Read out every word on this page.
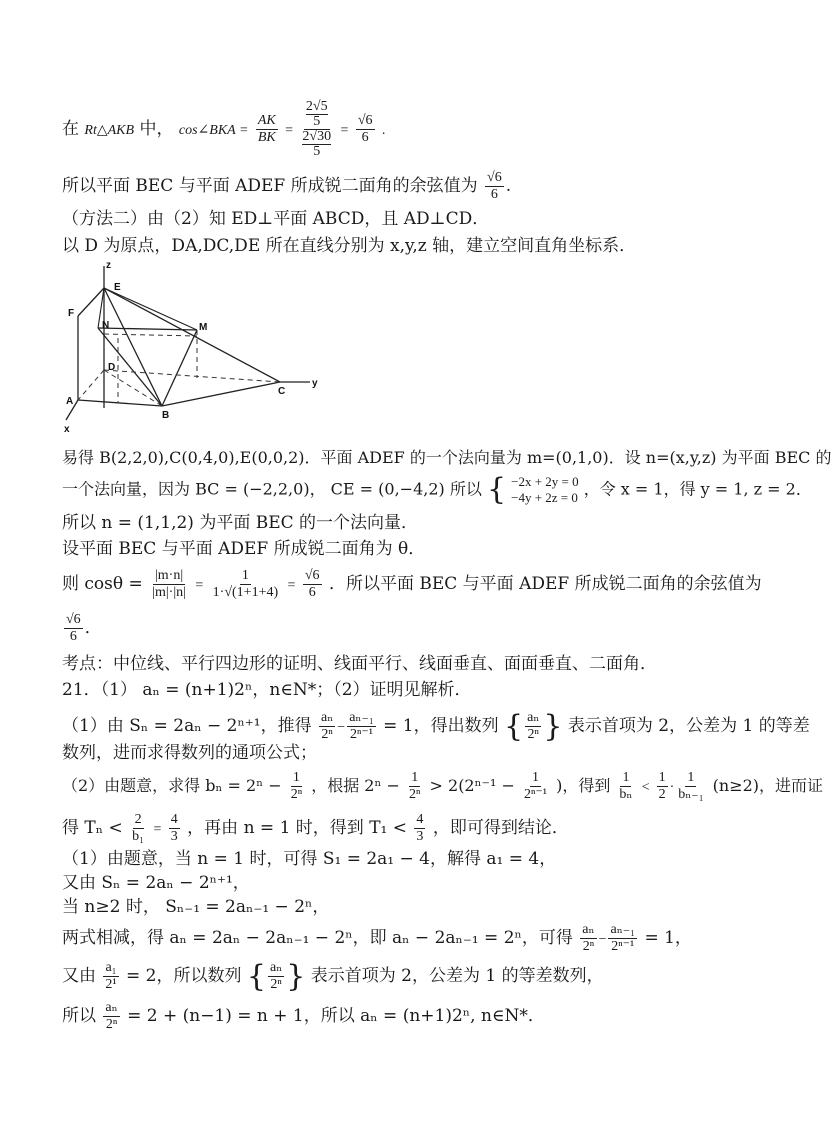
在 Rt△AKB 中， cos∠BKA = $\frac{AK}{BK} = 2√5$
5
2√30
$5 = \frac{√6}{6}$ .
所以平面 BEC 与平面 ADEF 所成锐二面角的余弦值为 $\frac{√6}{6}$ .
（方法二）由（2）知 ED⊥平面 ABCD，且 AD⊥CD．
以 D 为原点，DA,DC,DE 所在直线分别为 x,y,z 轴，建立空间直角坐标系．
z
E
F
N	M
D
A
x
B
C
y
易得 B(2,2,0),C(0,4,0),E(0,0,2)．平面 ADEF 的一个法向量为 m=(0,1,0)．设 n=(x,y,z) 为平面 BEC 的
一个法向量，因为 BC = (−2,2,0)， CE = (0,−4,2) 所以 { −2x + 2y = 0
−4y + 2z = 0 ，令 x = 1，得 y = 1, z = 2．
所以 n = (1,1,2) 为平面 BEC 的一个法向量．
设平面 BEC 与平面 ADEF 所成锐二面角为 θ．
则 $\cos\theta = \frac{|m\cdot n|}{|m|\cdot|n|} = \frac{1}{1\cdot√(1+1+4)} = \frac{√6}{6}$ ．所以平面 BEC 与平面 ADEF 所成锐二面角的余弦值为
$\frac{√6}{6}$ ．
考点：中位线、平行四边形的证明、线面平行、线面垂直、面面垂直、二面角．
21．（1） aₙ = (n+1)2ⁿ，n∈N*；（2）证明见解析．
（1）由 Sₙ = 2aₙ − 2ⁿ⁺¹，推得 $\frac{\text{aₙ}}{\text{2ⁿ}} - \frac{\text{aₙ₋₁}}{\text{2ⁿ⁻¹}} = 1$，得出数列 { $\frac{\text{aₙ}}{\text{2ⁿ}}$ } 表示首项为 2，公差为 1 的等差
数列，进而求得数列的通项公式；
（2）由题意，求得 $b_n = 2^n - \frac{1}{\text{2ⁿ}}$ ，根据 $2^n - \frac{1}{\text{2ⁿ}} > 2(2^{n-1} - \frac{1}{\text{2ⁿ⁻¹}}$ )，得到 $\frac{1}{\text{bₙ}} < \frac{1}{2} \cdot \frac{1}{\text{bₙ₋₁}} (n\ge 2)$，进而证
得 $T_n < \frac{2}{\text{b₁}} = \frac{4}{3}$ ，再由 n = 1 时，得到 $T_1 < \frac{4}{3}$ ，即可得到结论．
（1）由题意，当 n = 1 时，可得 S₁ = 2a₁ − 4，解得 a₁ = 4，
又由 Sₙ = 2aₙ − 2ⁿ⁺¹，
当 n≥2 时， Sₙ₋₁ = 2aₙ₋₁ − 2ⁿ，
两式相减，得 aₙ = 2aₙ − 2aₙ₋₁ − 2ⁿ，即 aₙ − 2aₙ₋₁ = 2ⁿ，可得 $\frac{\text{aₙ}}{\text{2ⁿ}} - \frac{\text{aₙ₋₁}}{\text{2ⁿ⁻¹}} = 1$，
又由 $\frac{\text{a₁}}{\text{2¹}} = 2$，所以数列 { $\frac{\text{aₙ}}{\text{2ⁿ}}$ } 表示首项为 2，公差为 1 的等差数列，
所以 $\frac{\text{aₙ}}{\text{2ⁿ}} = 2 + (n-1) = n + 1$，所以 aₙ = (n+1)2ⁿ, n∈N*．
